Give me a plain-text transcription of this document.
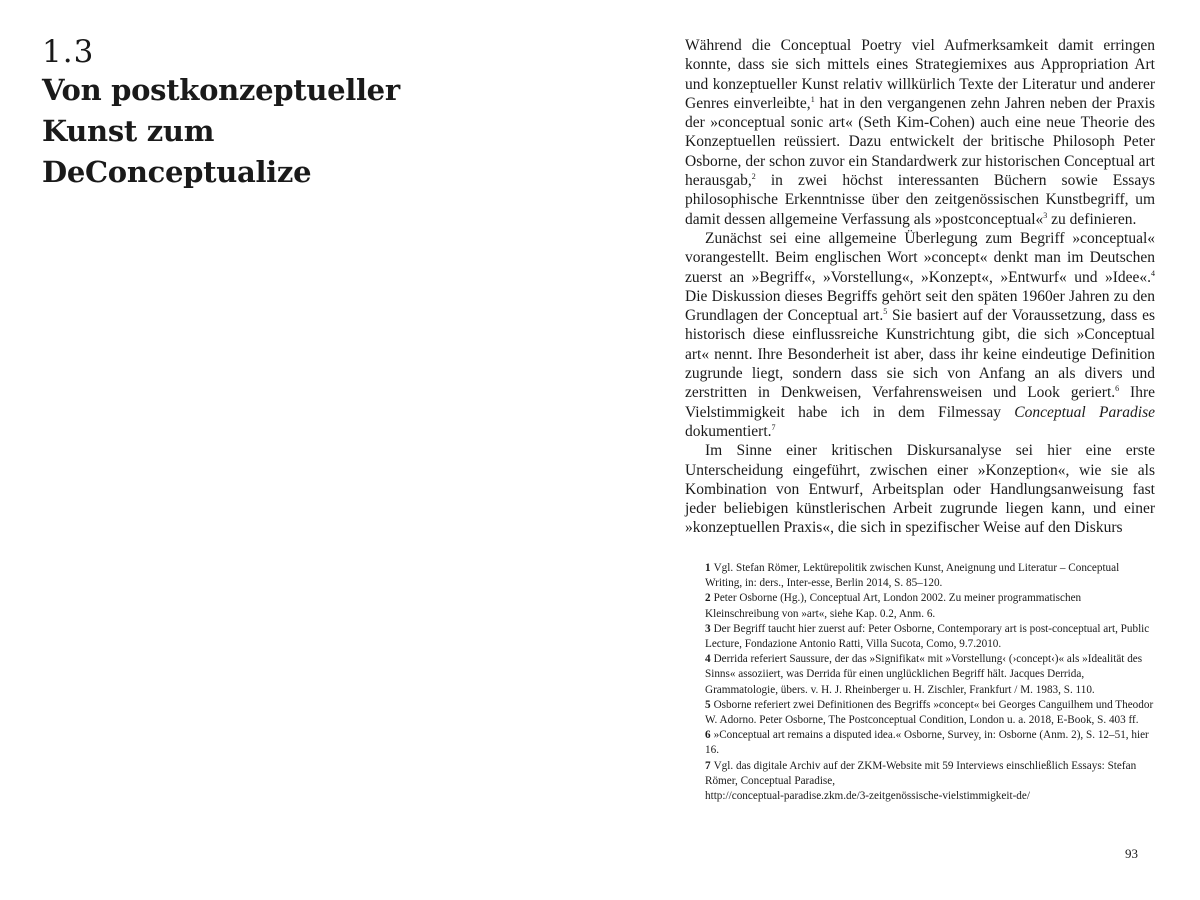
1.3
Von postkonzeptueller
Kunst zum
DeConceptualize

Während die Conceptual Poetry viel Aufmerksamkeit damit erringen konnte, dass sie sich mittels eines Strategiemixes aus Appropriation Art und konzeptueller Kunst relativ willkürlich Texte der Literatur und anderer Genres einverleibte,$^1$ hat in den vergangenen zehn Jahren neben der Praxis der »conceptual sonic art« (Seth Kim-Cohen) auch eine neue Theorie des Konzeptuellen reüssiert. Dazu entwickelt der britische Philosoph Peter Osborne, der schon zuvor ein Standardwerk zur historischen Conceptual art herausgab,$^2$ in zwei höchst interessanten Büchern sowie Essays philosophische Erkenntnisse über den zeitgenössischen Kunstbegriff, um damit dessen allgemeine Verfassung als »postconceptual«$^3$ zu definieren.

Zunächst sei eine allgemeine Überlegung zum Begriff »conceptual« vorangestellt. Beim englischen Wort »concept« denkt man im Deutschen zuerst an »Begriff«, »Vorstellung«, »Konzept«, »Entwurf« und »Idee«.$^4$ Die Diskussion dieses Begriffs gehört seit den späten 1960er Jahren zu den Grundlagen der Conceptual art.$^5$ Sie basiert auf der Voraussetzung, dass es historisch diese einflussreiche Kunstrichtung gibt, die sich »Conceptual art« nennt. Ihre Besonderheit ist aber, dass ihr keine eindeutige Definition zugrunde liegt, sondern dass sie sich von Anfang an als divers und zerstritten in Denkweisen, Verfahrensweisen und Look geriert.$^6$ Ihre Vielstimmigkeit habe ich in dem Filmessay Conceptual Paradise dokumentiert.$^7$

Im Sinne einer kritischen Diskursanalyse sei hier eine erste Unterscheidung eingeführt, zwischen einer »Konzeption«, wie sie als Kombination von Entwurf, Arbeitsplan oder Handlungsanweisung fast jeder beliebigen künstlerischen Arbeit zugrunde liegen kann, und einer »konzeptuellen Praxis«, die sich in spezifischer Weise auf den Diskurs

1 Vgl. Stefan Römer, Lektürepolitik zwischen Kunst, Aneignung und Literatur – Conceptual Writing, in: ders., Inter-esse, Berlin 2014, S. 85–120.

2 Peter Osborne (Hg.), Conceptual Art, London 2002. Zu meiner programmatischen Kleinschreibung von »art«, siehe Kap. 0.2, Anm. 6.

3 Der Begriff taucht hier zuerst auf: Peter Osborne, Contemporary art is post-conceptual art, Public Lecture, Fondazione Antonio Ratti, Villa Sucota, Como, 9.7.2010.

4 Derrida referiert Saussure, der das »Signifikat« mit »Vorstellung‹ (›concept‹)« als »Idealität des Sinns« assoziiert, was Derrida für einen unglücklichen Begriff hält. Jacques Derrida, Grammatologie, übers. v. H. J. Rheinberger u. H. Zischler, Frankfurt / M. 1983, S. 110.

5 Osborne referiert zwei Definitionen des Begriffs »concept« bei Georges Canguilhem und Theodor W. Adorno. Peter Osborne, The Postconceptual Condition, London u. a. 2018, E-Book, S. 403 ff.

6 »Conceptual art remains a disputed idea.« Osborne, Survey, in: Osborne (Anm. 2), S. 12–51, hier 16.

7 Vgl. das digitale Archiv auf der ZKM-Website mit 59 Interviews einschließlich Essays: Stefan Römer, Conceptual Paradise,
http://conceptual-paradise.zkm.de/3-zeitgenössische-vielstimmigkeit-de/

93
